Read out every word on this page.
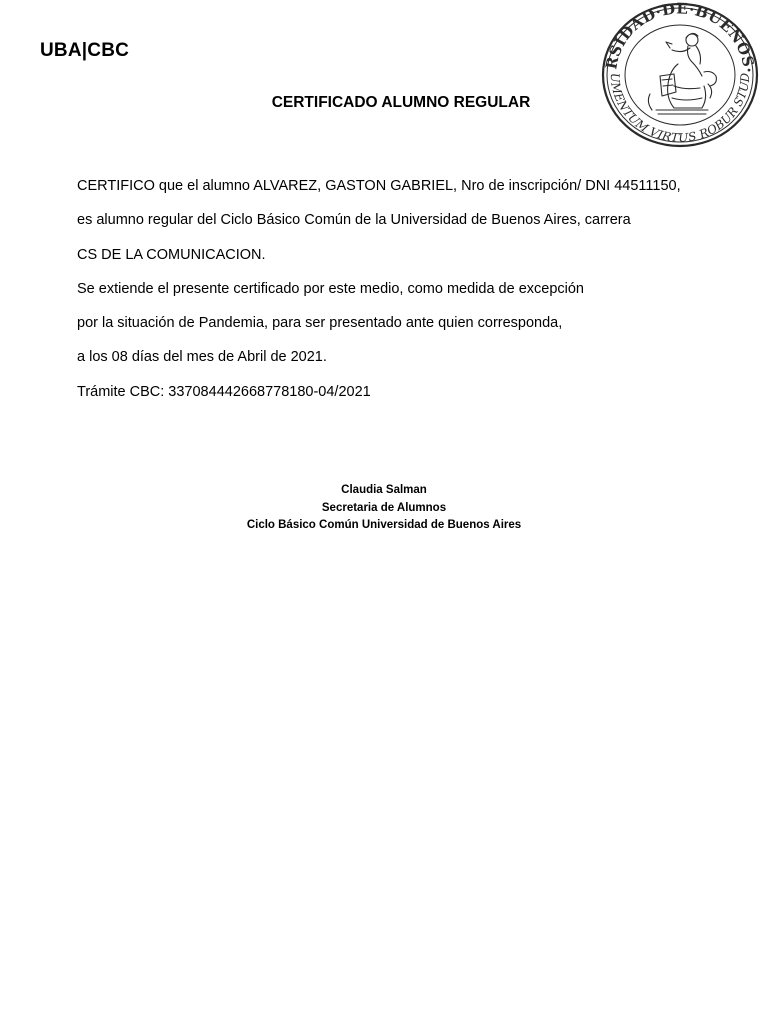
UBA|CBC
RSIDAD·DE·BUENOS·
UMENTUM VIRTUS ROBUR STUD
CERTIFICADO ALUMNO REGULAR

CERTIFICO que el alumno ALVAREZ, GASTON GABRIEL, Nro de inscripción/ DNI 44511150,

es alumno regular del Ciclo Básico Común de la Universidad de Buenos Aires, carrera

CS DE LA COMUNICACION.

Se extiende el presente certificado por este medio, como medida de excepción

por la situación de Pandemia, para ser presentado ante quien corresponda,

a los 08 días del mes de Abril de 2021.

Trámite CBC: 337084442668778180-04/2021

Claudia Salman
Secretaria de Alumnos
Ciclo Básico Común Universidad de Buenos Aires
